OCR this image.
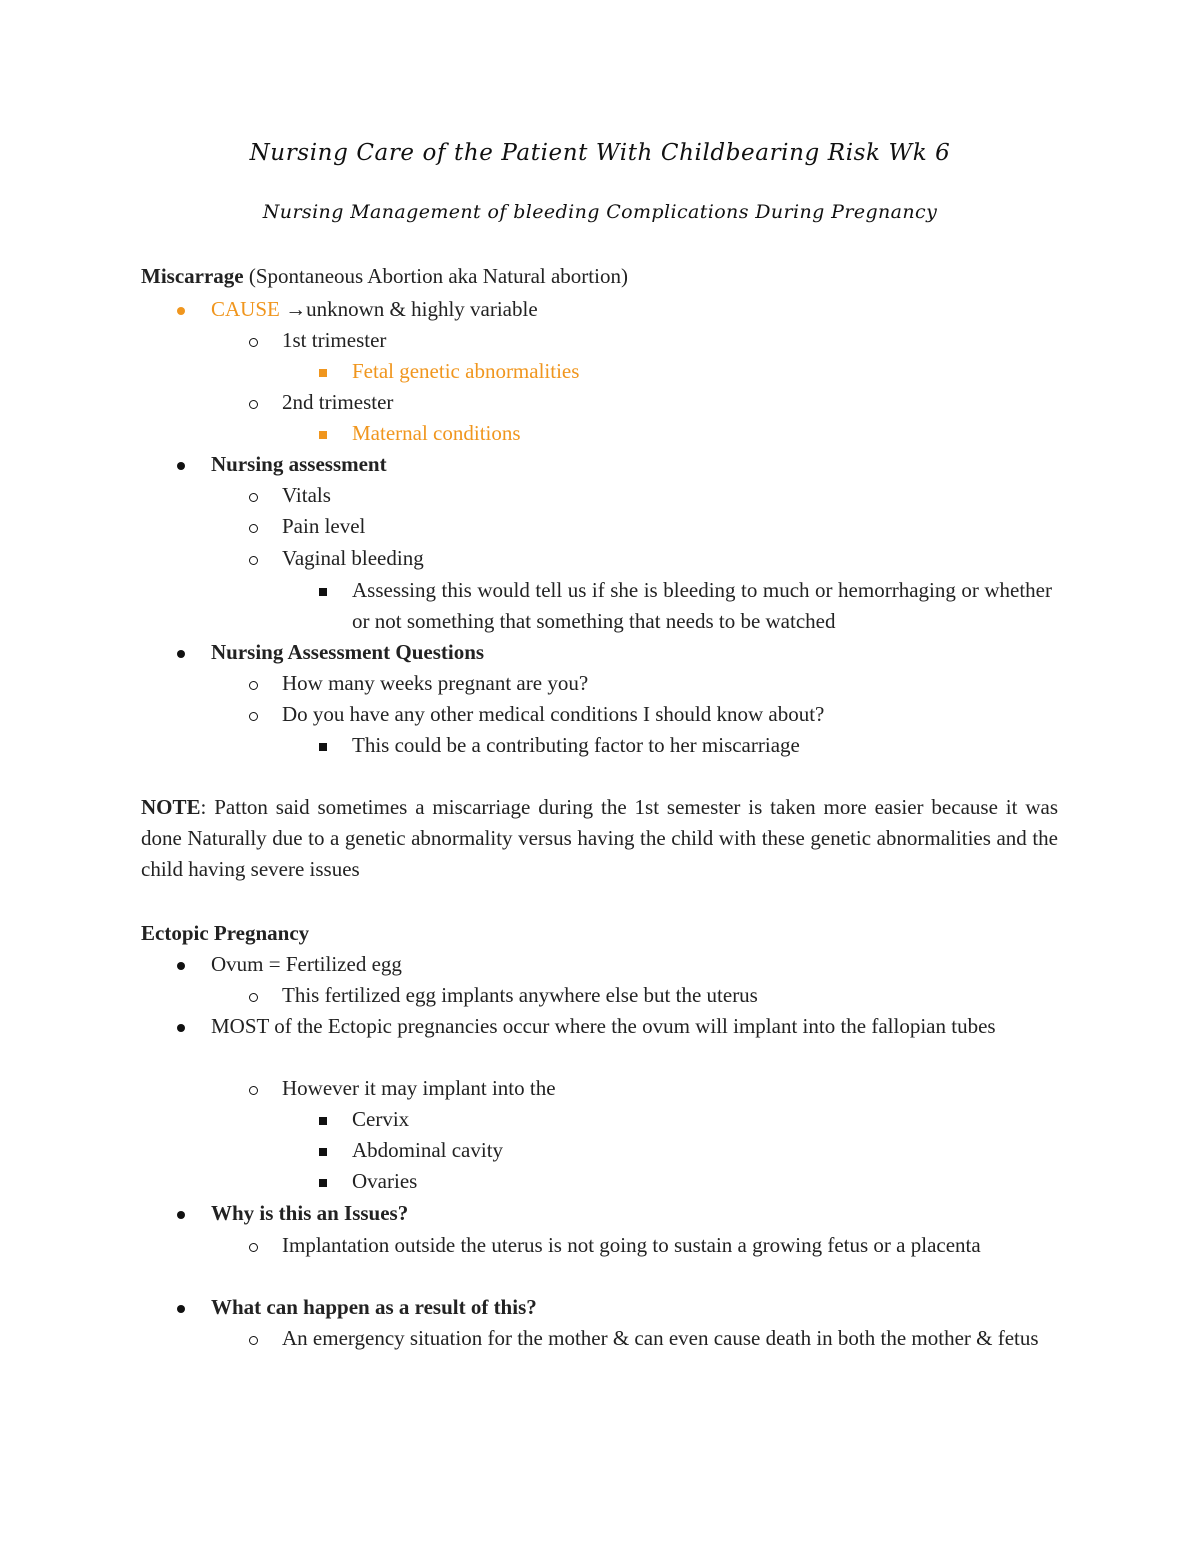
Nursing Care of the Patient With Childbearing Risk Wk 6
Nursing Management of bleeding Complications During Pregnancy
Miscarrage (Spontaneous Abortion aka Natural abortion)
CAUSE →unknown & highly variable
1st trimester
Fetal genetic abnormalities
2nd trimester
Maternal conditions
Nursing assessment
Vitals
Pain level
Vaginal bleeding
Assessing this would tell us if she is bleeding to much or hemorrhaging or whether or not something that something that needs to be watched
Nursing Assessment Questions
How many weeks pregnant are you?
Do you have any other medical conditions I should know about?
This could be a contributing factor to her miscarriage
NOTE: Patton said sometimes a miscarriage during the 1st semester is taken more easier because it was done Naturally due to a genetic abnormality versus having the child with these genetic abnormalities and the child having severe issues
Ectopic Pregnancy
Ovum = Fertilized egg
This fertilized egg implants anywhere else but the uterus
MOST of the Ectopic pregnancies occur where the ovum will implant into the fallopian tubes
However it may implant into the
Cervix
Abdominal cavity
Ovaries
Why is this an Issues?
Implantation outside the uterus is not going to sustain a growing fetus or a placenta
What can happen as a result of this?
An emergency situation for the mother & can even cause death in both the mother & fetus
